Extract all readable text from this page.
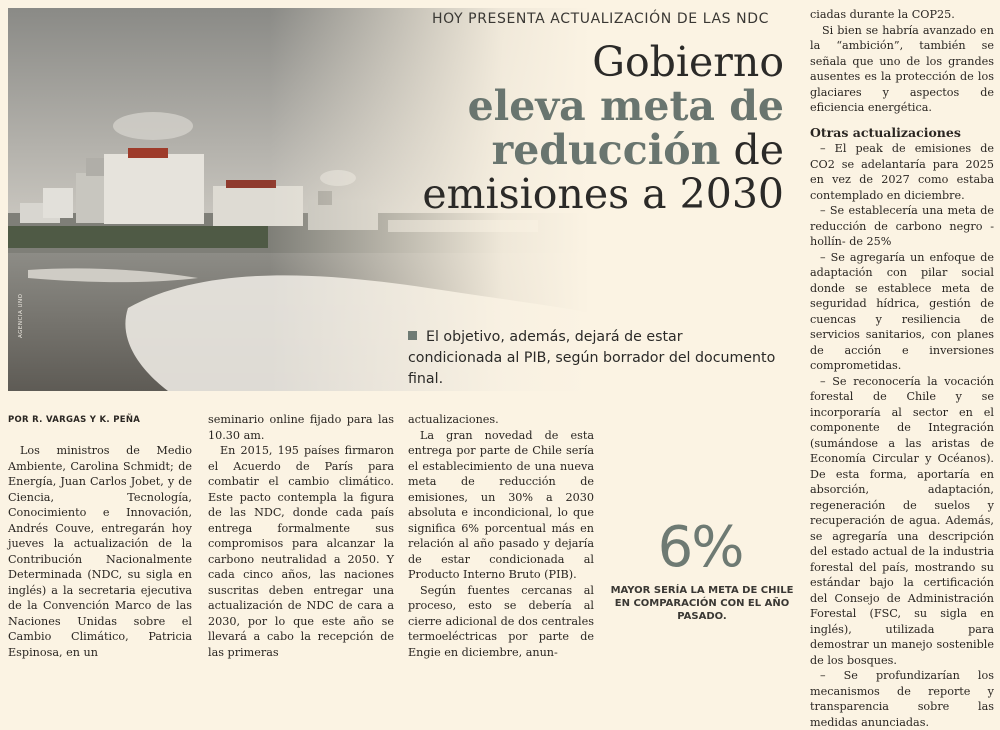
AGENCIA UNO
HOY PRESENTA ACTUALIZACIÓN DE LAS NDC
Gobierno
eleva meta de
reducción de
emisiones a 2030
El objetivo, además, dejará de estar condicionada al PIB, según borrador del documento final.
POR R. VARGAS Y K. PEÑA

Los ministros de Medio Ambiente, Carolina Schmidt; de Energía, Juan Carlos Jobet, y de Ciencia, Tecnología, Conocimiento e Innovación, Andrés Couve, entregarán hoy jueves la actualización de la Contribución Nacionalmente Determinada (NDC, su sigla en inglés) a la secretaria ejecutiva de la Convención Marco de las Naciones Unidas sobre el Cambio Climático, Patricia Espinosa, en un

seminario online fijado para las 10.30 am.

En 2015, 195 países firmaron el Acuerdo de París para combatir el cambio climático. Este pacto contempla la figura de las NDC, donde cada país entrega formalmente sus compromisos para alcanzar la carbono neutralidad a 2050. Y cada cinco años, las naciones suscritas deben entregar una actualización de NDC de cara a 2030, por lo que este año se llevará a cabo la recepción de las primeras

actualizaciones.

La gran novedad de esta entrega por parte de Chile sería el establecimiento de una nueva meta de reducción de emisiones, un 30% a 2030 absoluta e incondicional, lo que significa 6% porcentual más en relación al año pasado y dejaría de estar condicionada al Producto Interno Bruto (PIB).

Según fuentes cercanas al proceso, esto se debería al cierre adicional de dos centrales termoeléctricas por parte de Engie en diciembre, anun-

ciadas durante la COP25.

Si bien se habría avanzado en la “ambición”, también se señala que uno de los grandes ausentes es la protección de los glaciares y aspectos de eficiencia energética.

Otras actualizaciones

– El peak de emisiones de CO2 se adelantaría para 2025 en vez de 2027 como estaba contemplado en diciembre.

– Se establecería una meta de reducción de carbono negro -hollín- de 25%

– Se agregaría un enfoque de adaptación con pilar social donde se establece meta de seguridad hídrica, gestión de cuencas y resiliencia de servicios sanitarios, con planes de acción e inversiones comprometidas.

– Se reconocería la vocación forestal de Chile y se incorporaría al sector en el componente de Integración (sumándose a las aristas de Economía Circular y Océanos). De esta forma, aportaría en absorción, adaptación, regeneración de suelos y recuperación de agua. Además, se agregaría una descripción del estado actual de la industria forestal del país, mostrando su estándar bajo la certificación del Consejo de Administración Forestal (FSC, su sigla en inglés), utilizada para demostrar un manejo sostenible de los bosques.

– Se profundizarían los mecanismos de reporte y transparencia sobre las medidas anunciadas.

6%
MAYOR SERÍA LA META DE CHILE EN COMPARACIÓN CON EL AÑO PASADO.
